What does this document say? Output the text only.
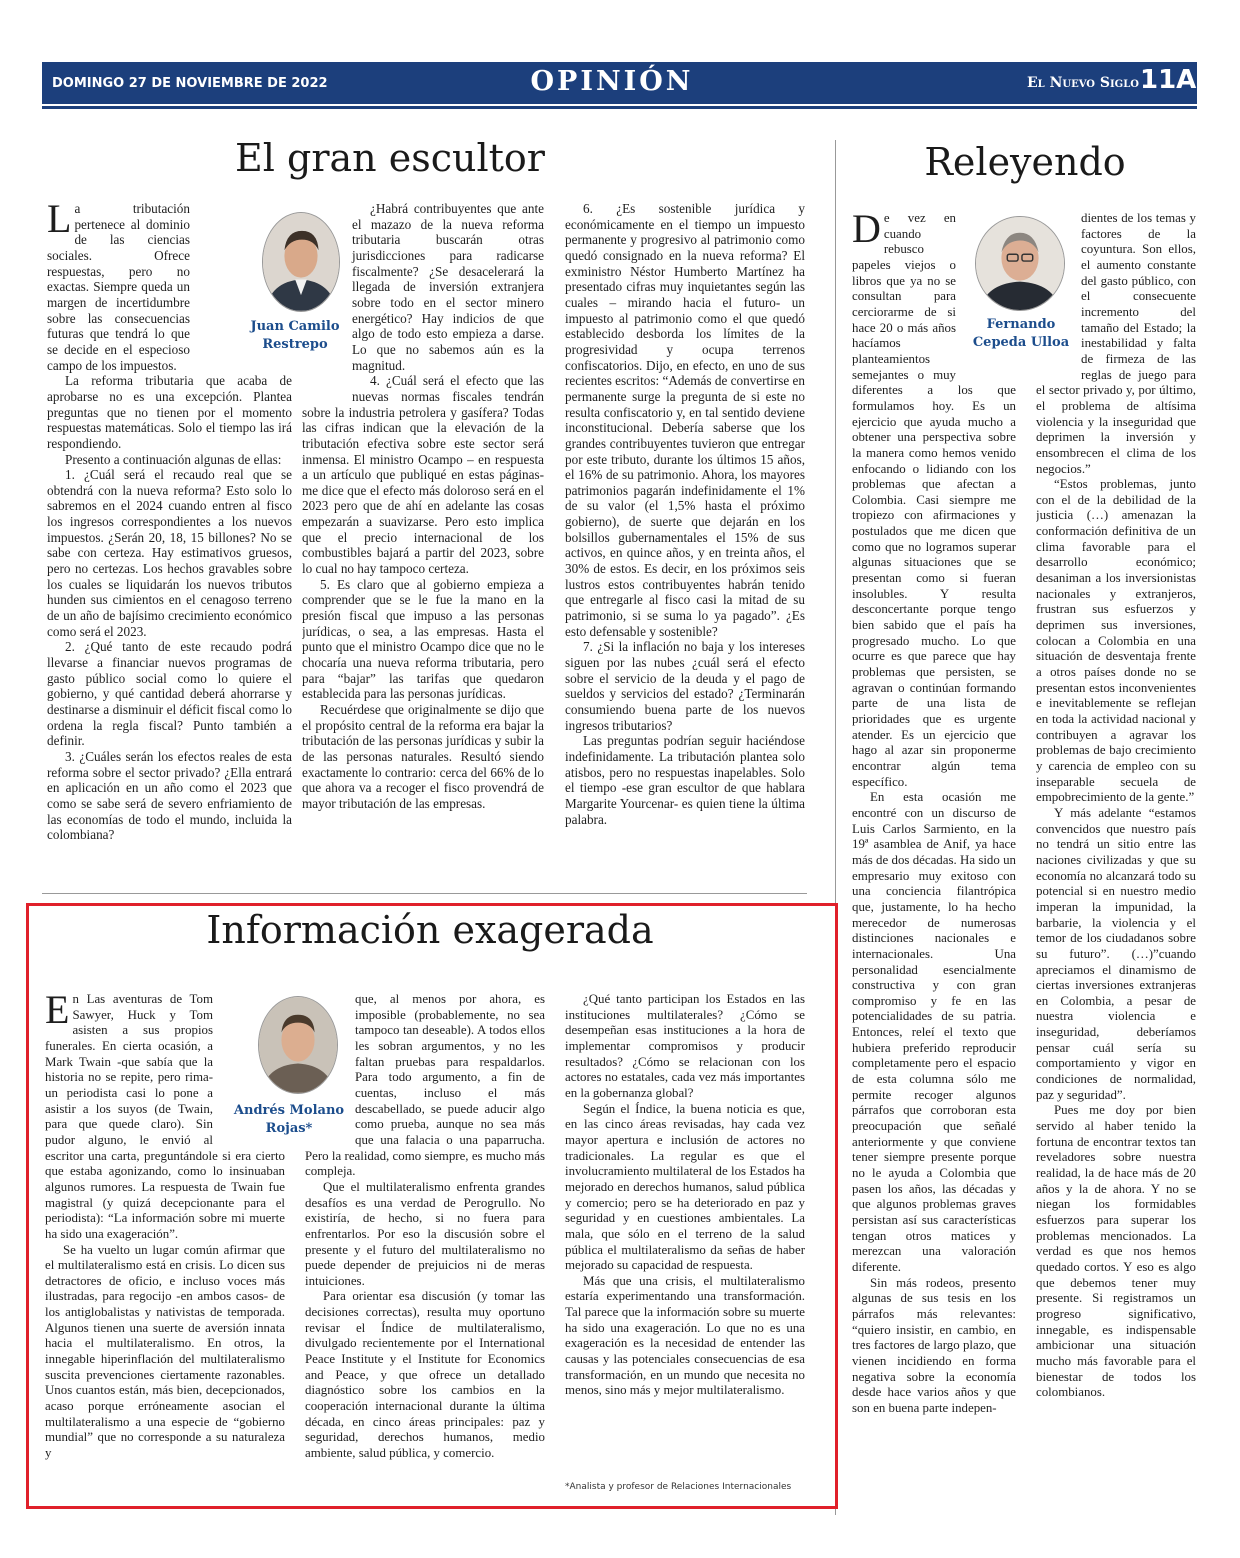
DOMINGO 27 DE NOVIEMBRE DE 2022	OPINIÓN	El Nuevo Siglo 11A
El gran escultor

La tributación pertenece al dominio de las ciencias sociales. Ofrece respuestas, pero no exactas. Siempre queda un margen de incertidumbre sobre las consecuencias futuras que tendrá lo que se decide en el especioso campo de los impuestos.

La reforma tributaria que acaba de aprobarse no es una excepción. Plantea preguntas que no tienen por el momento respuestas matemáticas. Solo el tiempo las irá respondiendo.

Presento a continuación algunas de ellas:

1. ¿Cuál será el recaudo real que se obtendrá con la nueva reforma? Esto solo lo sabremos en el 2024 cuando entren al fisco los ingresos correspondientes a los nuevos impuestos. ¿Serán 20, 18, 15 billones? No se sabe con certeza. Hay estimativos gruesos, pero no certezas. Los hechos gravables sobre los cuales se liquidarán los nuevos tributos hunden sus cimientos en el cenagoso terreno de un año de bajísimo crecimiento económico como será el 2023.

2. ¿Qué tanto de este recaudo podrá llevarse a financiar nuevos programas de gasto público social como lo quiere el gobierno, y qué cantidad deberá ahorrarse y destinarse a disminuir el déficit fiscal como lo ordena la regla fiscal? Punto también a definir.

3. ¿Cuáles serán los efectos reales de esta reforma sobre el sector privado? ¿Ella entrará en aplicación en un año como el 2023 que como se sabe será de severo enfriamiento de las economías de todo el mundo, incluida la colombiana?

Juan Camilo
Restrepo

¿Habrá contribuyentes que ante el mazazo de la nueva reforma tributaria buscarán otras jurisdicciones para radicarse fiscalmente? ¿Se desacelerará la llegada de inversión extranjera sobre todo en el sector minero energético? Hay indicios de que algo de todo esto empieza a darse. Lo que no sabemos aún es la magnitud.

4. ¿Cuál será el efecto que las nuevas normas fiscales tendrán sobre la industria petrolera y gasífera? Todas las cifras indican que la elevación de la tributación efectiva sobre este sector será inmensa. El ministro Ocampo – en respuesta a un artículo que publiqué en estas páginas- me dice que el efecto más doloroso será en el 2023 pero que de ahí en adelante las cosas empezarán a suavizarse. Pero esto implica que el precio internacional de los combustibles bajará a partir del 2023, sobre lo cual no hay tampoco certeza.

5. Es claro que al gobierno empieza a comprender que se le fue la mano en la presión fiscal que impuso a las personas jurídicas, o sea, a las empresas. Hasta el punto que el ministro Ocampo dice que no le chocaría una nueva reforma tributaria, pero para “bajar” las tarifas que quedaron establecida para las personas jurídicas.

Recuérdese que originalmente se dijo que el propósito central de la reforma era bajar la tributación de las personas jurídicas y subir la de las personas naturales. Resultó siendo exactamente lo contrario: cerca del 66% de lo que ahora va a recoger el fisco provendrá de mayor tributación de las empresas.

6. ¿Es sostenible jurídica y económicamente en el tiempo un impuesto permanente y progresivo al patrimonio como quedó consignado en la nueva reforma? El exministro Néstor Humberto Martínez ha presentado cifras muy inquietantes según las cuales – mirando hacia el futuro- un impuesto al patrimonio como el que quedó establecido desborda los límites de la progresividad y ocupa terrenos confiscatorios. Dijo, en efecto, en uno de sus recientes escritos: “Además de convertirse en permanente surge la pregunta de si este no resulta confiscatorio y, en tal sentido deviene inconstitucional. Debería saberse que los grandes contribuyentes tuvieron que entregar por este tributo, durante los últimos 15 años, el 16% de su patrimonio. Ahora, los mayores patrimonios pagarán indefinidamente el 1% de su valor (el 1,5% hasta el próximo gobierno), de suerte que dejarán en los bolsillos gubernamentales el 15% de sus activos, en quince años, y en treinta años, el 30% de estos. Es decir, en los próximos seis lustros estos contribuyentes habrán tenido que entregarle al fisco casi la mitad de su patrimonio, si se suma lo ya pagado”. ¿Es esto defensable y sostenible?

7. ¿Si la inflación no baja y los intereses siguen por las nubes ¿cuál será el efecto sobre el servicio de la deuda y el pago de sueldos y servicios del estado? ¿Terminarán consumiendo buena parte de los nuevos ingresos tributarios?

Las preguntas podrían seguir haciéndose indefinidamente. La tributación plantea solo atisbos, pero no respuestas inapelables. Solo el tiempo -ese gran escultor de que hablara Margarite Yourcenar- es quien tiene la última palabra.

Información exagerada

En Las aventuras de Tom Sawyer, Huck y Tom asisten a sus propios funerales. En cierta ocasión, a Mark Twain -que sabía que la historia no se repite, pero rima- un periodista casi lo pone a asistir a los suyos (de Twain, para que quede claro). Sin pudor alguno, le envió al escritor una carta, preguntándole si era cierto que estaba agonizando, como lo insinuaban algunos rumores. La respuesta de Twain fue magistral (y quizá decepcionante para el periodista): “La información sobre mi muerte ha sido una exageración”.

Se ha vuelto un lugar común afirmar que el multilateralismo está en crisis. Lo dicen sus detractores de oficio, e incluso voces más ilustradas, para regocijo -en ambos casos- de los antiglobalistas y nativistas de temporada. Algunos tienen una suerte de aversión innata hacia el multilateralismo. En otros, la innegable hiperinflación del multilateralismo suscita prevenciones ciertamente razonables. Unos cuantos están, más bien, decepcionados, acaso porque erróneamente asocian el multilateralismo a una especie de “gobierno mundial” que no corresponde a su naturaleza y

Andrés Molano
Rojas*

que, al menos por ahora, es imposible (probablemente, no sea tampoco tan deseable). A todos ellos les sobran argumentos, y no les faltan pruebas para respaldarlos. Para todo argumento, a fin de cuentas, incluso el más descabellado, se puede aducir algo como prueba, aunque no sea más que una falacia o una paparrucha. Pero la realidad, como siempre, es mucho más compleja.

Que el multilateralismo enfrenta grandes desafíos es una verdad de Perogrullo. No existiría, de hecho, si no fuera para enfrentarlos. Por eso la discusión sobre el presente y el futuro del multilateralismo no puede depender de prejuicios ni de meras intuiciones.

Para orientar esa discusión (y tomar las decisiones correctas), resulta muy oportuno revisar el Índice de multilateralismo, divulgado recientemente por el International Peace Institute y el Institute for Economics and Peace, y que ofrece un detallado diagnóstico sobre los cambios en la cooperación internacional durante la última década, en cinco áreas principales: paz y seguridad, derechos humanos, medio ambiente, salud pública, y comercio.

¿Qué tanto participan los Estados en las instituciones multilaterales? ¿Cómo se desempeñan esas instituciones a la hora de implementar compromisos y producir resultados? ¿Cómo se relacionan con los actores no estatales, cada vez más importantes en la gobernanza global?

Según el Índice, la buena noticia es que, en las cinco áreas revisadas, hay cada vez mayor apertura e inclusión de actores no tradicionales. La regular es que el involucramiento multilateral de los Estados ha mejorado en derechos humanos, salud pública y comercio; pero se ha deteriorado en paz y seguridad y en cuestiones ambientales. La mala, que sólo en el terreno de la salud pública el multilateralismo da señas de haber mejorado su capacidad de respuesta.

Más que una crisis, el multilateralismo estaría experimentando una transformación. Tal parece que la información sobre su muerte ha sido una exageración. Lo que no es una exageración es la necesidad de entender las causas y las potenciales consecuencias de esa transformación, en un mundo que necesita no menos, sino más y mejor multilateralismo.

*Analista y profesor de Relaciones Internacionales
Releyendo

De vez en cuando rebusco papeles viejos o libros que ya no se consultan para cerciorarme de si hace 20 o más años hacíamos planteamientos semejantes o muy diferentes a los que formulamos hoy. Es un ejercicio que ayuda mucho a obtener una perspectiva sobre la manera como hemos venido enfocando o lidiando con los problemas que afectan a Colombia. Casi siempre me tropiezo con afirmaciones y postulados que me dicen que como que no logramos superar algunas situaciones que se presentan como si fueran insolubles. Y resulta desconcertante porque tengo bien sabido que el país ha progresado mucho. Lo que ocurre es que parece que hay problemas que persisten, se agravan o continúan formando parte de una lista de prioridades que es urgente atender. Es un ejercicio que hago al azar sin proponerme encontrar algún tema específico.

En esta ocasión me encontré con un discurso de Luis Carlos Sarmiento, en la 19ª asamblea de Anif, ya hace más de dos décadas. Ha sido un empresario muy exitoso con una conciencia filantrópica que, justamente, lo ha hecho merecedor de numerosas distinciones nacionales e internacionales. Una personalidad esencialmente constructiva y con gran compromiso y fe en las potencialidades de su patria. Entonces, releí el texto que hubiera preferido reproducir completamente pero el espacio de esta columna sólo me permite recoger algunos párrafos que corroboran esta preocupación que señalé anteriormente y que conviene tener siempre presente porque no le ayuda a Colombia que pasen los años, las décadas y que algunos problemas graves persistan así sus características tengan otros matices y merezcan una valoración diferente.

Sin más rodeos, presento algunas de sus tesis en los párrafos más relevantes: “quiero insistir, en cambio, en tres factores de largo plazo, que vienen incidiendo en forma negativa sobre la economía desde hace varios años y que son en buena parte indepen-

Fernando
Cepeda Ulloa

dientes de los temas y factores de la coyuntura. Son ellos, el aumento constante del gasto público, con el consecuente incremento del tamaño del Estado; la inestabilidad y falta de firmeza de las reglas de juego para el sector privado y, por último, el problema de altísima violencia y la inseguridad que deprimen la inversión y ensombrecen el clima de los negocios.”

“Estos problemas, junto con el de la debilidad de la justicia (…) amenazan la conformación definitiva de un clima favorable para el desarrollo económico; desaniman a los inversionistas nacionales y extranjeros, frustran sus esfuerzos y deprimen sus inversiones, colocan a Colombia en una situación de desventaja frente a otros países donde no se presentan estos inconvenientes e inevitablemente se reflejan en toda la actividad nacional y contribuyen a agravar los problemas de bajo crecimiento y carencia de empleo con su inseparable secuela de empobrecimiento de la gente.”

Y más adelante “estamos convencidos que nuestro país no tendrá un sitio entre las naciones civilizadas y que su economía no alcanzará todo su potencial si en nuestro medio imperan la impunidad, la barbarie, la violencia y el temor de los ciudadanos sobre su futuro”. (…)”cuando apreciamos el dinamismo de ciertas inversiones extranjeras en Colombia, a pesar de nuestra violencia e inseguridad, deberíamos pensar cuál sería su comportamiento y vigor en condiciones de normalidad, paz y seguridad”.

Pues me doy por bien servido al haber tenido la fortuna de encontrar textos tan reveladores sobre nuestra realidad, la de hace más de 20 años y la de ahora. Y no se niegan los formidables esfuerzos para superar los problemas mencionados. La verdad es que nos hemos quedado cortos. Y eso es algo que debemos tener muy presente. Si registramos un progreso significativo, innegable, es indispensable ambicionar una situación mucho más favorable para el bienestar de todos los colombianos.
